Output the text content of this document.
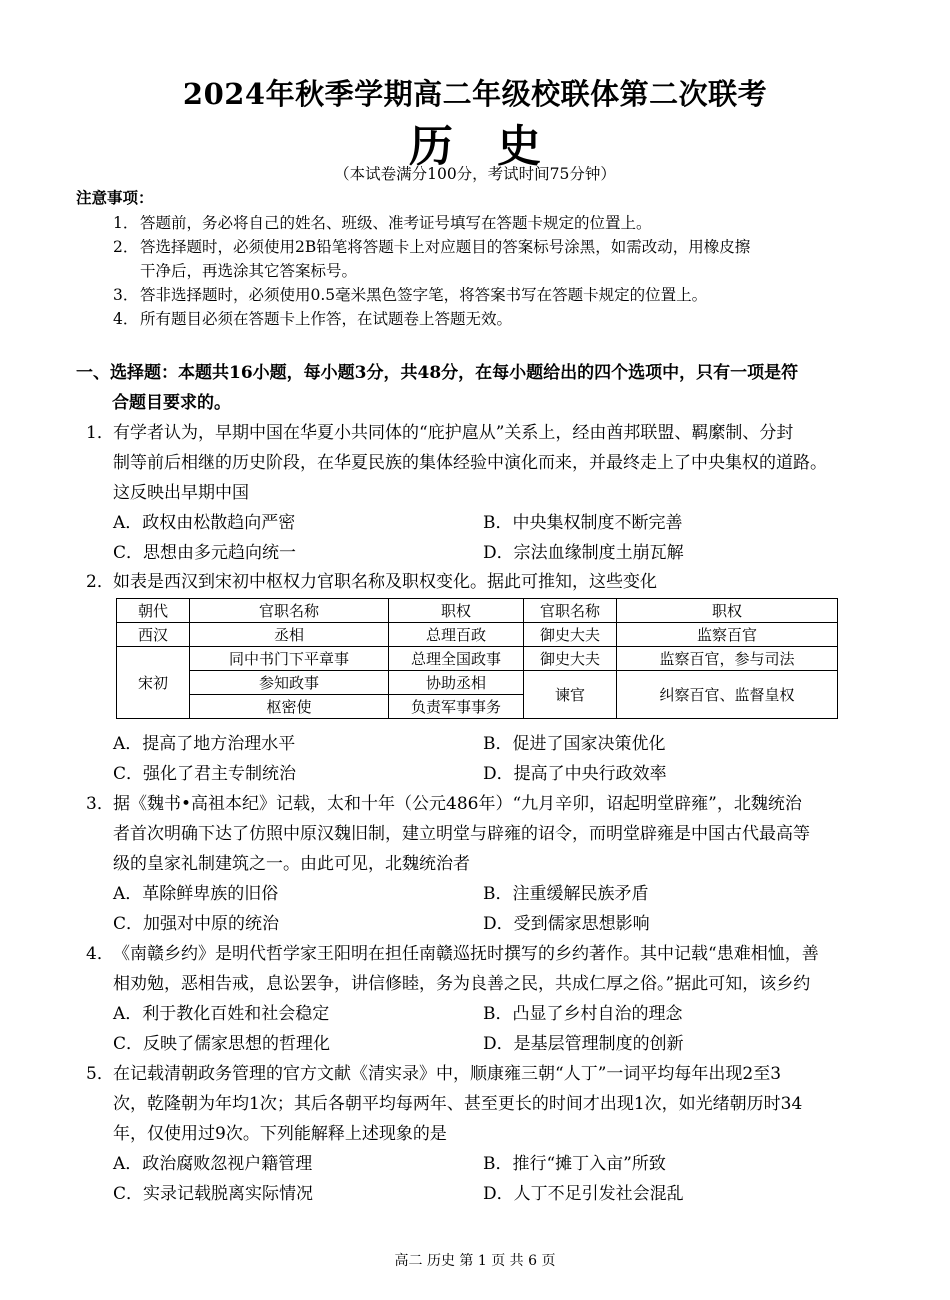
2024年秋季学期高二年级校联体第二次联考
历 史
（本试卷满分100分，考试时间75分钟）
注意事项：
1． 答题前，务必将自己的姓名、班级、准考证号填写在答题卡规定的位置上。
2． 答选择题时，必须使用2B铅笔将答题卡上对应题目的答案标号涂黑，如需改动，用橡皮擦
干净后，再选涂其它答案标号。
3． 答非选择题时，必须使用0.5毫米黑色签字笔，将答案书写在答题卡规定的位置上。
4． 所有题目必须在答题卡上作答，在试题卷上答题无效。
一、选择题：本题共16小题，每小题3分，共48分，在每小题给出的四个选项中，只有一项是符
合题目要求的。
1．有学者认为，早期中国在华夏小共同体的“庇护扈从”关系上，经由酋邦联盟、羁縻制、分封
制等前后相继的历史阶段，在华夏民族的集体经验中演化而来，并最终走上了中央集权的道路。
这反映出早期中国
A．政权由松散趋向严密	B．中央集权制度不断完善
C．思想由多元趋向统一	D．宗法血缘制度土崩瓦解
2．如表是西汉到宋初中枢权力官职名称及职权变化。据此可推知，这些变化
朝代	官职名称	职权	官职名称	职权
西汉	丞相	总理百政	御史大夫	监察百官
宋初	同中书门下平章事	总理全国政事	御史大夫	监察百官，参与司法
	参知政事	协助丞相	谏官	纠察百官、监督皇权
	枢密使	负责军事事务		
A．提高了地方治理水平	B．促进了国家决策优化
C．强化了君主专制统治	D．提高了中央行政效率
3．据《魏书•高祖本纪》记载，太和十年（公元486年）“九月辛卯，诏起明堂辟雍”，北魏统治
者首次明确下达了仿照中原汉魏旧制，建立明堂与辟雍的诏令，而明堂辟雍是中国古代最高等
级的皇家礼制建筑之一。由此可见，北魏统治者
A．革除鲜卑族的旧俗	B．注重缓解民族矛盾
C．加强对中原的统治	D．受到儒家思想影响
4．《南赣乡约》是明代哲学家王阳明在担任南赣巡抚时撰写的乡约著作。其中记载“患难相恤，善
相劝勉，恶相告戒，息讼罢争，讲信修睦，务为良善之民，共成仁厚之俗。”据此可知，该乡约
A．利于教化百姓和社会稳定	B．凸显了乡村自治的理念
C．反映了儒家思想的哲理化	D．是基层管理制度的创新
5．在记载清朝政务管理的官方文献《清实录》中，顺康雍三朝“人丁”一词平均每年出现2至3
次，乾隆朝为年均1次；其后各朝平均每两年、甚至更长的时间才出现1次，如光绪朝历时34
年，仅使用过9次。下列能解释上述现象的是
A．政治腐败忽视户籍管理	B．推行“摊丁入亩”所致
C．实录记载脱离实际情况	D．人丁不足引发社会混乱
高二 历史 第 1 页 共 6 页
